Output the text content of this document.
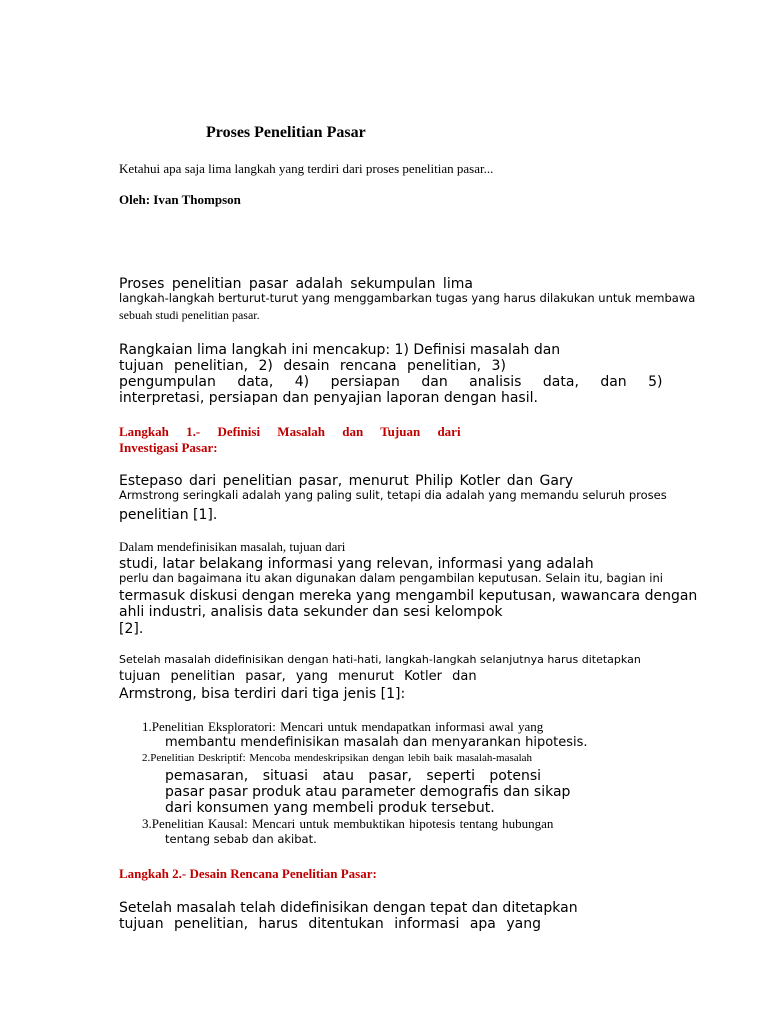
Proses Penelitian Pasar

Ketahui apa saja lima langkah yang terdiri dari proses penelitian pasar...

Oleh: Ivan Thompson

Proses penelitian pasar adalah sekumpulan lima

langkah-langkah berturut-turut yang menggambarkan tugas yang harus dilakukan untuk membawa

sebuah studi penelitian pasar.

Rangkaian lima langkah ini mencakup: 1) Definisi masalah dan

tujuan penelitian, 2) desain rencana penelitian, 3)

pengumpulan data, 4) persiapan dan analisis data, dan 5)

interpretasi, persiapan dan penyajian laporan dengan hasil.

Langkah 1.- Definisi Masalah dan Tujuan dari

Investigasi Pasar:

Estepaso dari penelitian pasar, menurut Philip Kotler dan Gary

Armstrong seringkali adalah yang paling sulit, tetapi dia adalah yang memandu seluruh proses

penelitian [1].

Dalam mendefinisikan masalah, tujuan dari

studi, latar belakang informasi yang relevan, informasi yang adalah

perlu dan bagaimana itu akan digunakan dalam pengambilan keputusan. Selain itu, bagian ini

termasuk diskusi dengan mereka yang mengambil keputusan, wawancara dengan

ahli industri, analisis data sekunder dan sesi kelompok

[2].

Setelah masalah didefinisikan dengan hati-hati, langkah-langkah selanjutnya harus ditetapkan

tujuan penelitian pasar, yang menurut Kotler dan

Armstrong, bisa terdiri dari tiga jenis [1]:

1.Penelitian Eksploratori: Mencari untuk mendapatkan informasi awal yang

membantu mendefinisikan masalah dan menyarankan hipotesis.

2.Penelitian Deskriptif: Mencoba mendeskripsikan dengan lebih baik masalah-masalah

pemasaran, situasi atau pasar, seperti potensi

pasar pasar produk atau parameter demografis dan sikap

dari konsumen yang membeli produk tersebut.

3.Penelitian Kausal: Mencari untuk membuktikan hipotesis tentang hubungan

tentang sebab dan akibat.

Langkah 2.- Desain Rencana Penelitian Pasar:

Setelah masalah telah didefinisikan dengan tepat dan ditetapkan

tujuan penelitian, harus ditentukan informasi apa yang
